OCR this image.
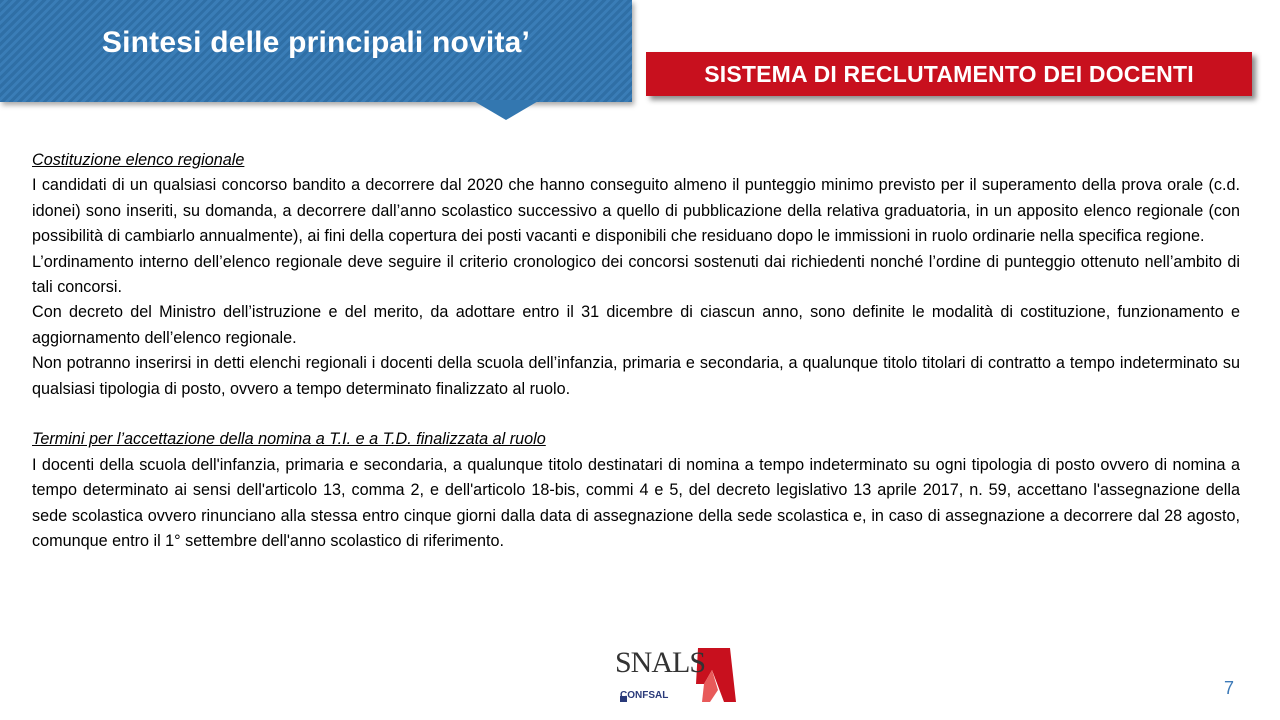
Sintesi delle principali novita’
SISTEMA DI RECLUTAMENTO DEI DOCENTI

Costituzione elenco regionale

I candidati di un qualsiasi concorso bandito a decorrere dal 2020 che hanno conseguito almeno il punteggio minimo previsto per il superamento della prova orale (c.d. idonei) sono inseriti, su domanda, a decorrere dall’anno scolastico successivo a quello di pubblicazione della relativa graduatoria, in un apposito elenco regionale (con possibilità di cambiarlo annualmente), ai fini della copertura dei posti vacanti e disponibili che residuano dopo le immissioni in ruolo ordinarie nella specifica regione.

L’ordinamento interno dell’elenco regionale deve seguire il criterio cronologico dei concorsi sostenuti dai richiedenti nonché l’ordine di punteggio ottenuto nell’ambito di tali concorsi.

Con decreto del Ministro dell’istruzione e del merito, da adottare entro il 31 dicembre di ciascun anno, sono definite le modalità di costituzione, funzionamento e aggiornamento dell’elenco regionale.

Non potranno inserirsi in detti elenchi regionali i docenti della scuola dell’infanzia, primaria e secondaria, a qualunque titolo titolari di contratto a tempo indeterminato su qualsiasi tipologia di posto, ovvero a tempo determinato finalizzato al ruolo.

Termini per l’accettazione della nomina a T.I. e a T.D. finalizzata al ruolo

I docenti della scuola dell'infanzia, primaria e secondaria, a qualunque titolo destinatari di nomina a tempo indeterminato su ogni tipologia di posto ovvero di nomina a tempo determinato ai sensi dell'articolo 13, comma 2, e dell'articolo 18-bis, commi 4 e 5, del decreto legislativo 13 aprile 2017, n. 59, accettano l'assegnazione della sede scolastica ovvero rinunciano alla stessa entro cinque giorni dalla data di assegnazione della sede scolastica e, in caso di assegnazione a decorrere dal 28 agosto, comunque entro il 1° settembre dell'anno scolastico di riferimento.

SNALS
CONFSAL	7
